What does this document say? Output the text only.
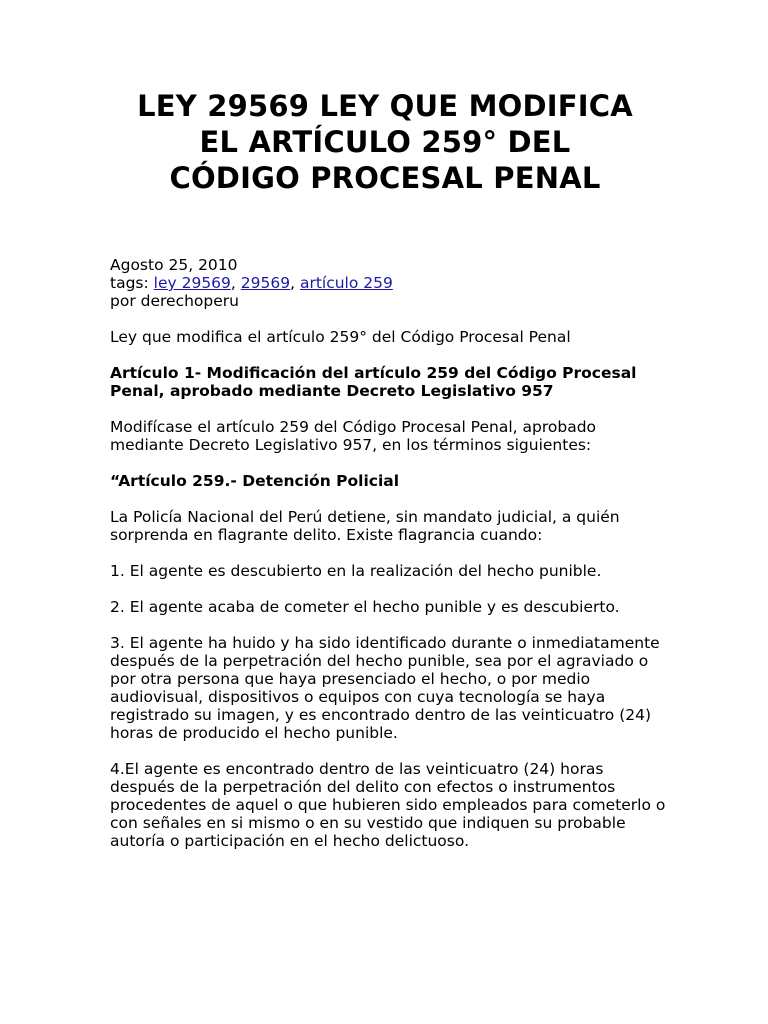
LEY 29569 LEY QUE MODIFICA
EL ARTÍCULO 259° DEL
CÓDIGO PROCESAL PENAL

Agosto 25, 2010

tags: ley 29569, 29569, artículo 259

por derechoperu

Ley que modifica el artículo 259° del Código Procesal Penal

Artículo 1- Modificación del artículo 259 del Código Procesal Penal, aprobado mediante Decreto Legislativo 957

Modifícase el artículo 259 del Código Procesal Penal, aprobado mediante Decreto Legislativo 957, en los términos siguientes:

“Artículo 259.- Detención Policial

La Policía Nacional del Perú detiene, sin mandato judicial, a quién sorprenda en flagrante delito. Existe flagrancia cuando:

1. El agente es descubierto en la realización del hecho punible.

2. El agente acaba de cometer el hecho punible y es descubierto.

3. El agente ha huido y ha sido identificado durante o inmediatamente después de la perpetración del hecho punible, sea por el agraviado o por otra persona que haya presenciado el hecho, o por medio audiovisual, dispositivos o equipos con cuya tecnología se haya registrado su imagen, y es encontrado dentro de las veinticuatro (24) horas de producido el hecho punible.

4.El agente es encontrado dentro de las veinticuatro (24) horas después de la perpetración del delito con efectos o instrumentos procedentes de aquel o que hubieren sido empleados para cometerlo o con señales en si mismo o en su vestido que indiquen su probable autoría o participación en el hecho delictuoso.
